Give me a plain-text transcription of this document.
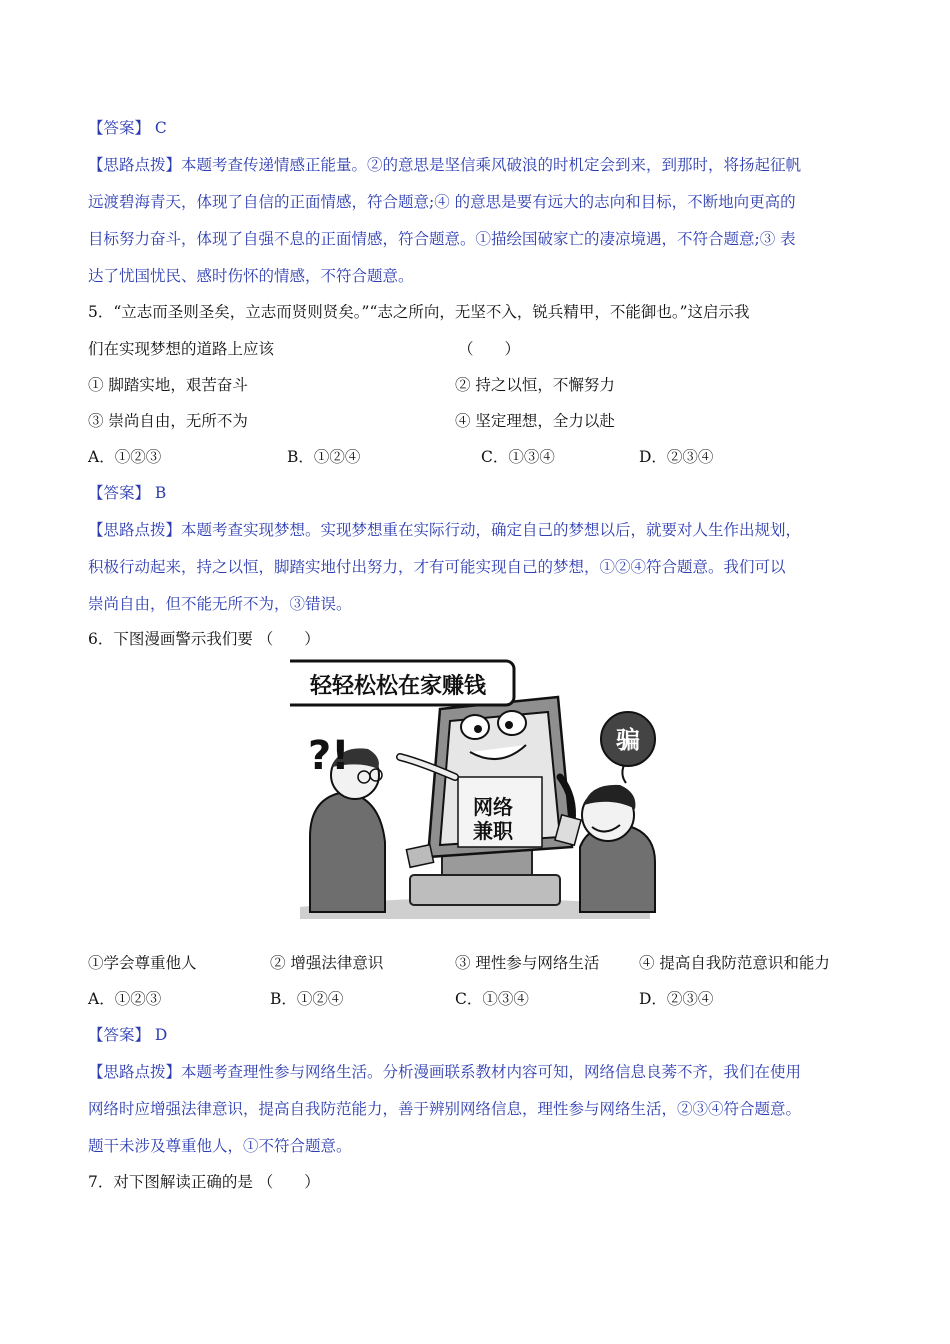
【答案】 C
【思路点拨】本题考查传递情感正能量。②的意思是坚信乘风破浪的时机定会到来，到那时，将扬起征帆
远渡碧海青天，体现了自信的正面情感，符合题意;④ 的意思是要有远大的志向和目标，不断地向更高的
目标努力奋斗，体现了自强不息的正面情感，符合题意。①描绘国破家亡的凄凉境遇，不符合题意;③ 表
达了忧国忧民、感时伤怀的情感，不符合题意。
5．“立志而圣则圣矣，立志而贤则贤矣。”“志之所向，无坚不入，锐兵精甲，不能御也。”这启示我
们在实现梦想的道路上应该	（　　）
① 脚踏实地，艰苦奋斗	② 持之以恒，不懈努力
③ 崇尚自由，无所不为	④ 坚定理想，全力以赴
A．①②③	B．①②④	C．①③④	D．②③④
【答案】 B
【思路点拨】本题考查实现梦想。实现梦想重在实际行动，确定自己的梦想以后，就要对人生作出规划，
积极行动起来，持之以恒，脚踏实地付出努力，才有可能实现自己的梦想，①②④符合题意。我们可以
崇尚自由，但不能无所不为，③错误。
6．下图漫画警示我们要 （　　）
网络
兼职
轻轻松松在家赚钱
?!	骗
①学会尊重他人	② 增强法律意识	③ 理性参与网络生活	④ 提高自我防范意识和能力
A．①②③	B．①②④	C．①③④	D．②③④
【答案】 D
【思路点拨】本题考查理性参与网络生活。分析漫画联系教材内容可知，网络信息良莠不齐，我们在使用
网络时应增强法律意识，提高自我防范能力，善于辨别网络信息，理性参与网络生活，②③④符合题意。
题干未涉及尊重他人，①不符合题意。
7．对下图解读正确的是 （　　）
